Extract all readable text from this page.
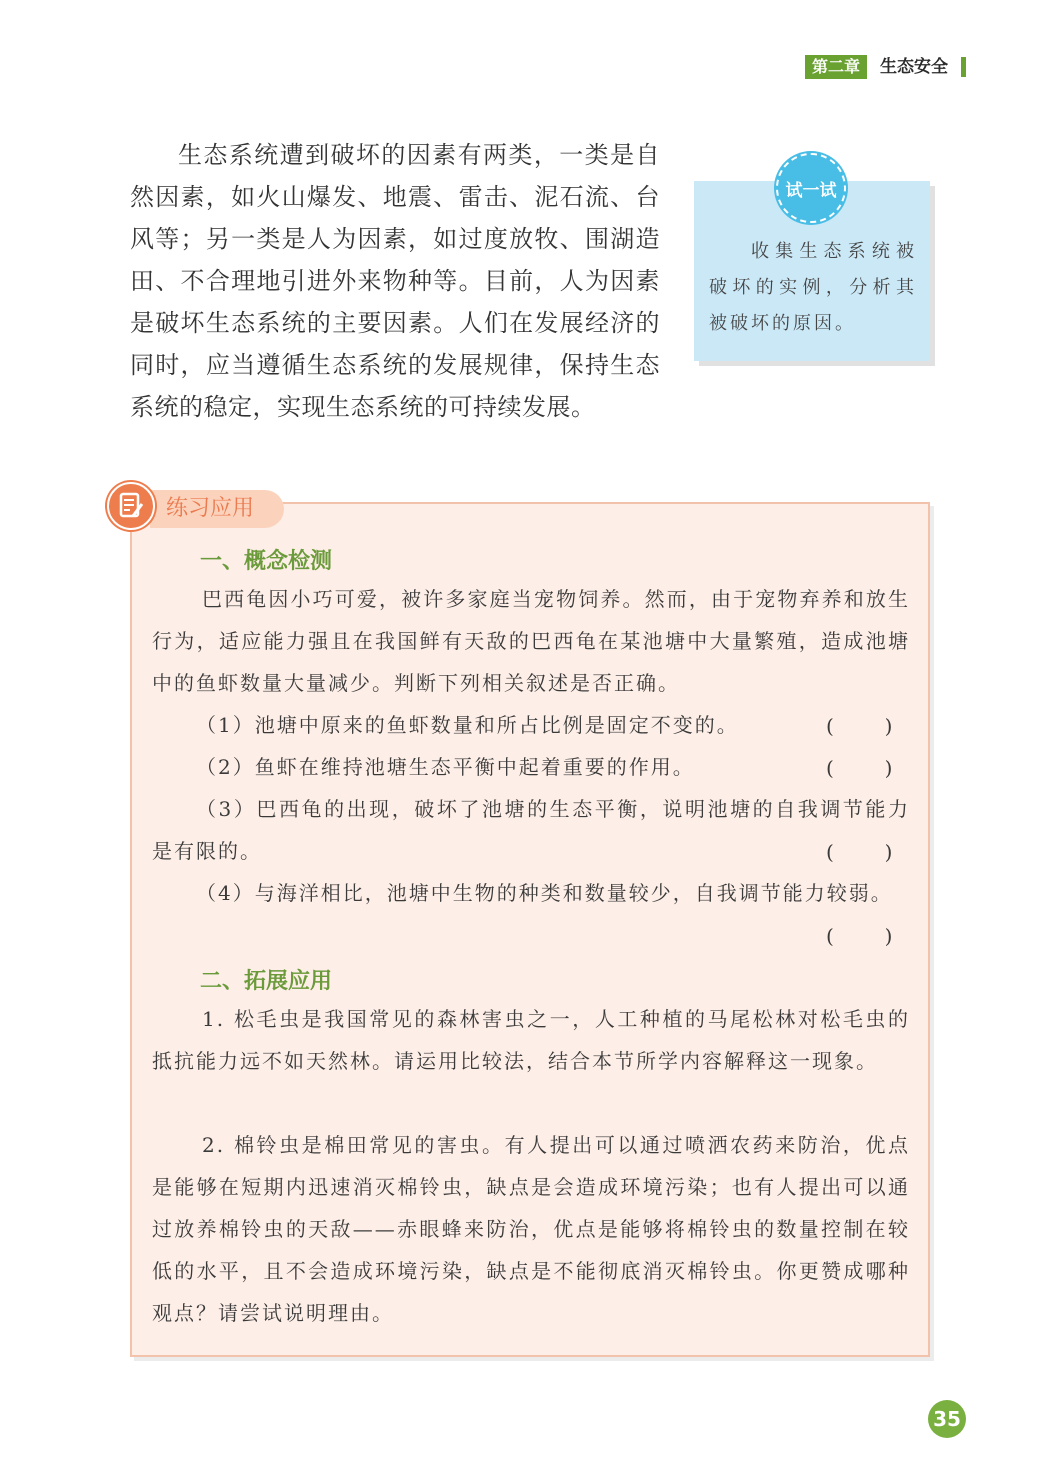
第二章	生态安全

生态系统遭到破坏的因素有两类，一类是自然因素，如火山爆发、地震、雷击、泥石流、台风等；另一类是人为因素，如过度放牧、围湖造田、不合理地引进外来物种等。目前，人为因素是破坏生态系统的主要因素。人们在发展经济的同时，应当遵循生态系统的发展规律，保持生态系统的稳定，实现生态系统的可持续发展。

试一试

收集生态系统被破坏的实例，分析其被破坏的原因。

练习应用
一、概念检测

巴西龟因小巧可爱，被许多家庭当宠物饲养。然而，由于宠物弃养和放生行为，适应能力强且在我国鲜有天敌的巴西龟在某池塘中大量繁殖，造成池塘中的鱼虾数量大量减少。判断下列相关叙述是否正确。

（1）池塘中原来的鱼虾数量和所占比例是固定不变的。	(        )

（2）鱼虾在维持池塘生态平衡中起着重要的作用。	(        )

（3）巴西龟的出现，破坏了池塘的生态平衡，说明池塘的自我调节能力是有限的。	(        )

（4）与海洋相比，池塘中生物的种类和数量较少，自我调节能力较弱。

(        )
二、拓展应用

1. 松毛虫是我国常见的森林害虫之一，人工种植的马尾松林对松毛虫的抵抗能力远不如天然林。请运用比较法，结合本节所学内容解释这一现象。

2. 棉铃虫是棉田常见的害虫。有人提出可以通过喷洒农药来防治，优点是能够在短期内迅速消灭棉铃虫，缺点是会造成环境污染；也有人提出可以通过放养棉铃虫的天敌——赤眼蜂来防治，优点是能够将棉铃虫的数量控制在较低的水平，且不会造成环境污染，缺点是不能彻底消灭棉铃虫。你更赞成哪种观点？请尝试说明理由。

35
